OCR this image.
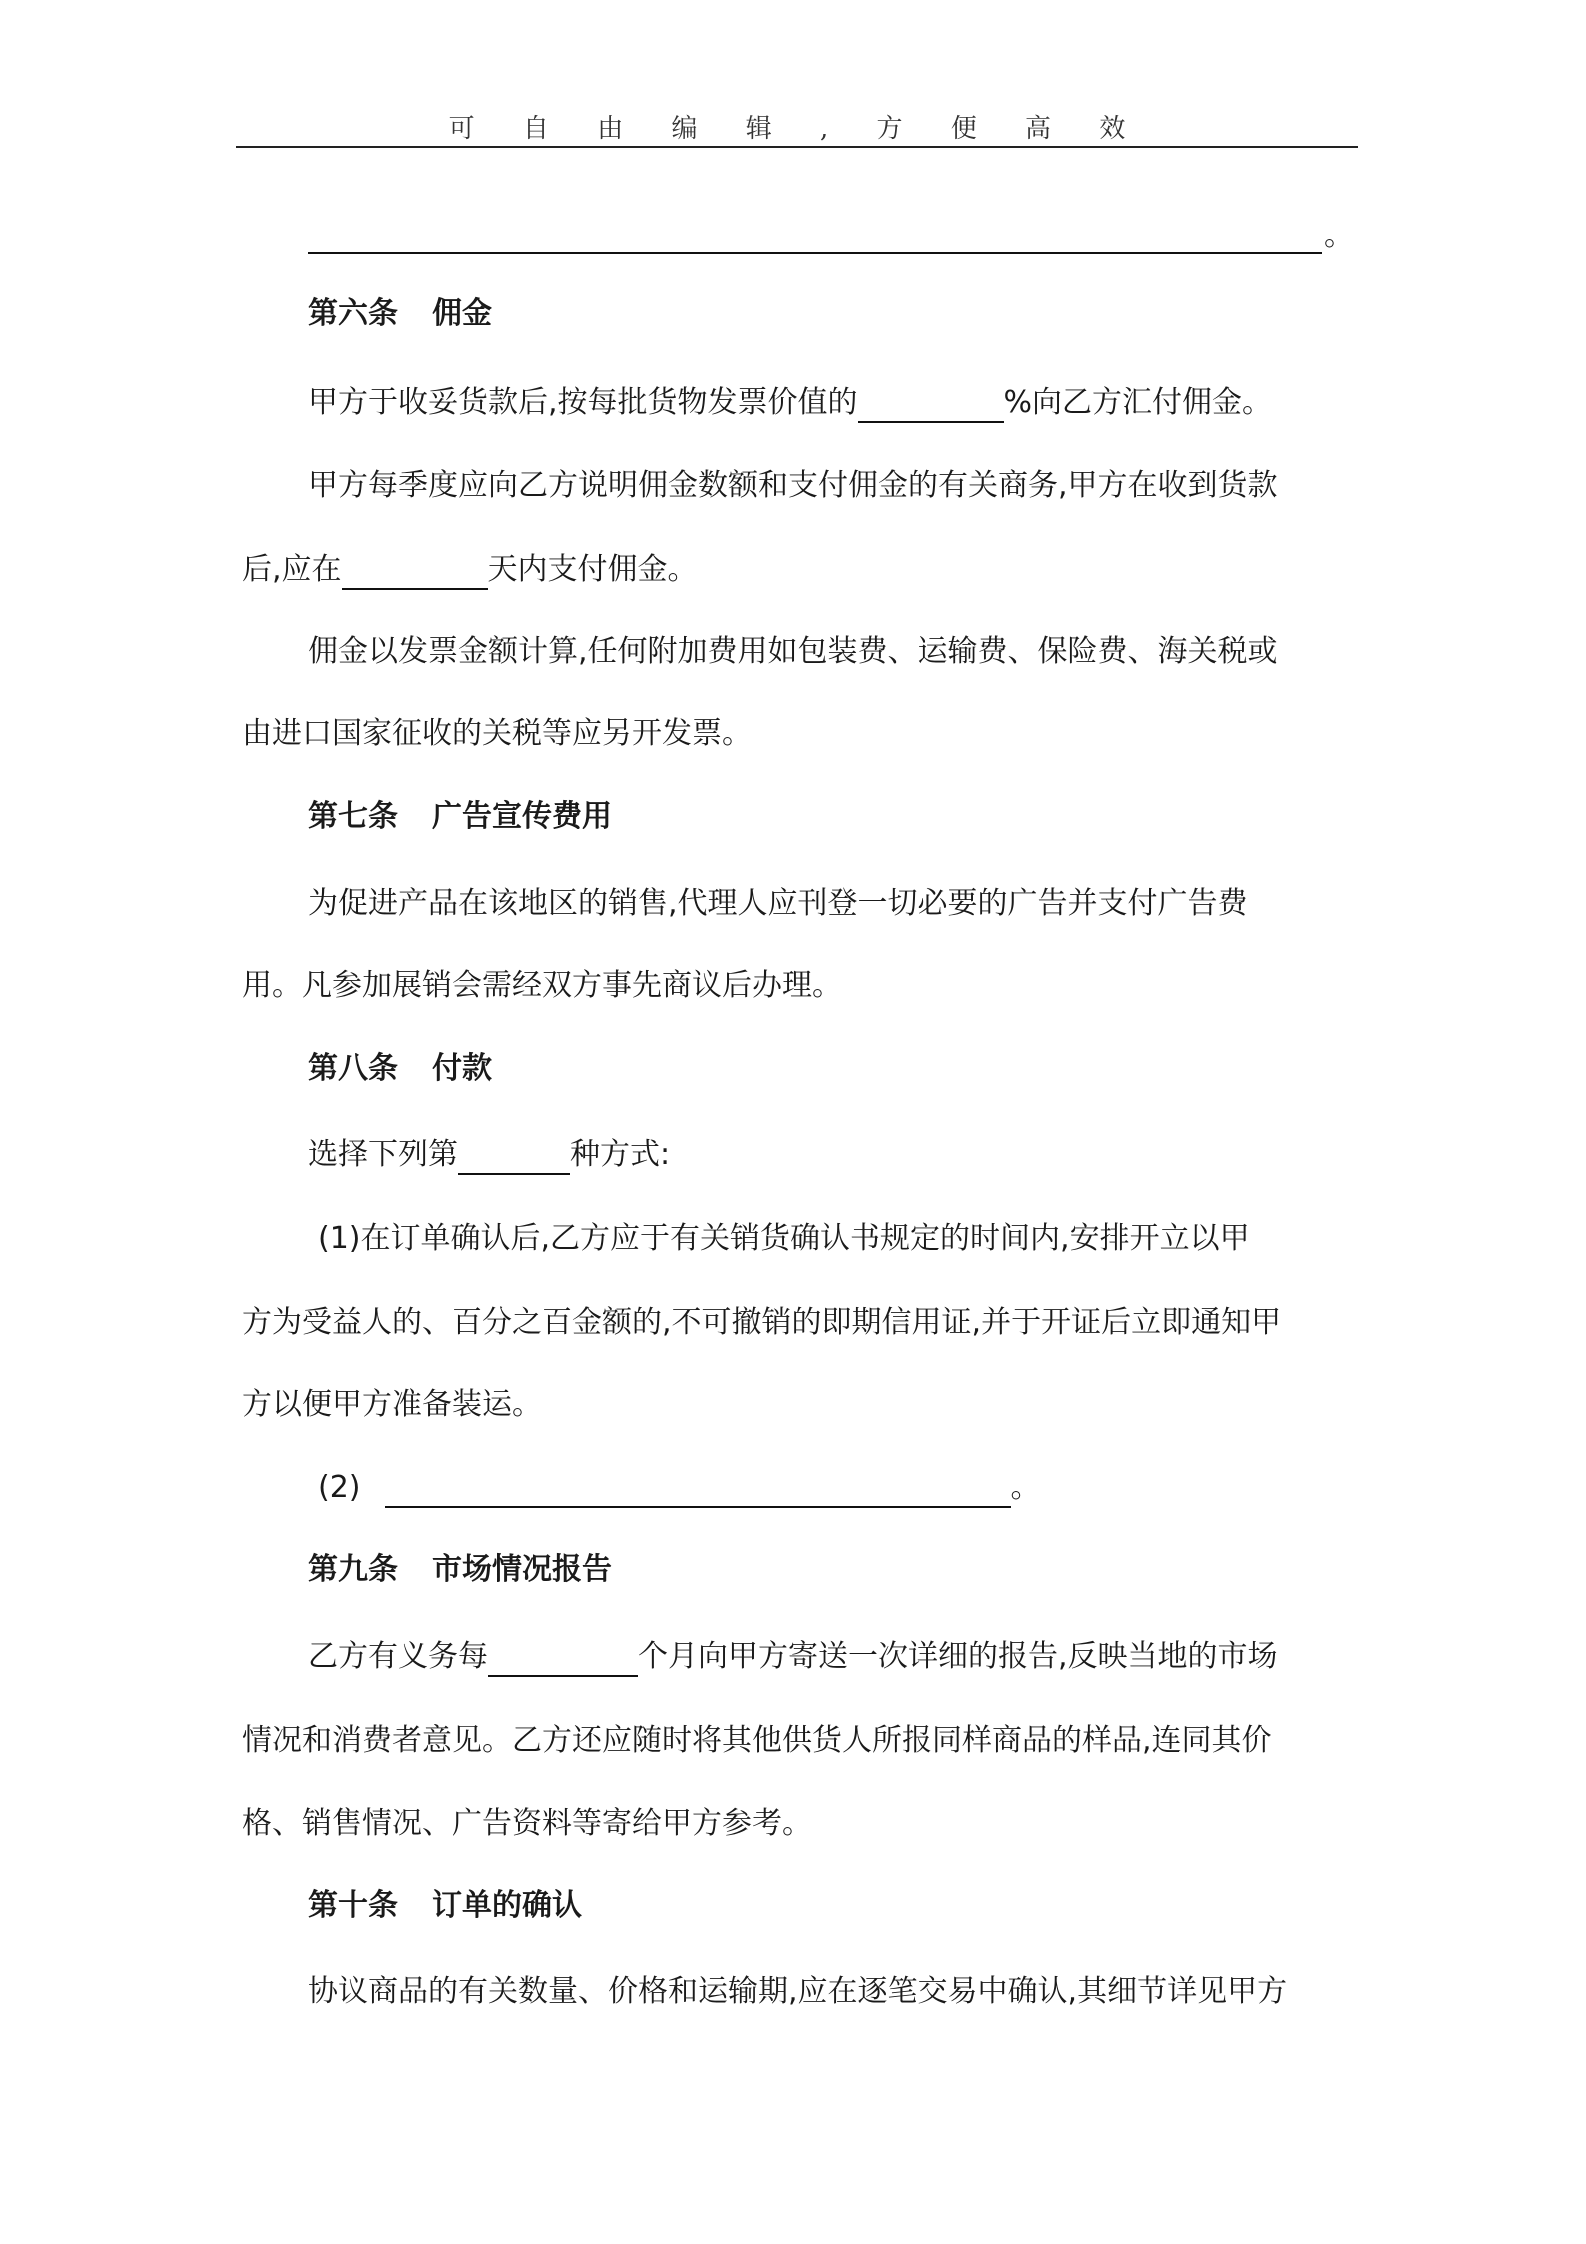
可 自 由 编 辑 , 方 便 高 效
。
第六条 佣金
甲方于收妥货款后,按每批货物发票价值的	%向乙方汇付佣金。
甲方每季度应向乙方说明佣金数额和支付佣金的有关商务,甲方在收到货款
后,应在	天内支付佣金。
佣金以发票金额计算,任何附加费用如包装费、运输费、保险费、海关税或
由进口国家征收的关税等应另开发票。
第七条 广告宣传费用
为促进产品在该地区的销售,代理人应刊登一切必要的广告并支付广告费
用。凡参加展销会需经双方事先商议后办理。
第八条 付款
选择下列第	种方式:
(1)在订单确认后,乙方应于有关销货确认书规定的时间内,安排开立以甲
方为受益人的、百分之百金额的,不可撤销的即期信用证,并于开证后立即通知甲
方以便甲方准备装运。
(2)	。
第九条 市场情况报告
乙方有义务每	个月向甲方寄送一次详细的报告,反映当地的市场
情况和消费者意见。乙方还应随时将其他供货人所报同样商品的样品,连同其价
格、销售情况、广告资料等寄给甲方参考。
第十条 订单的确认
协议商品的有关数量、价格和运输期,应在逐笔交易中确认,其细节详见甲方
